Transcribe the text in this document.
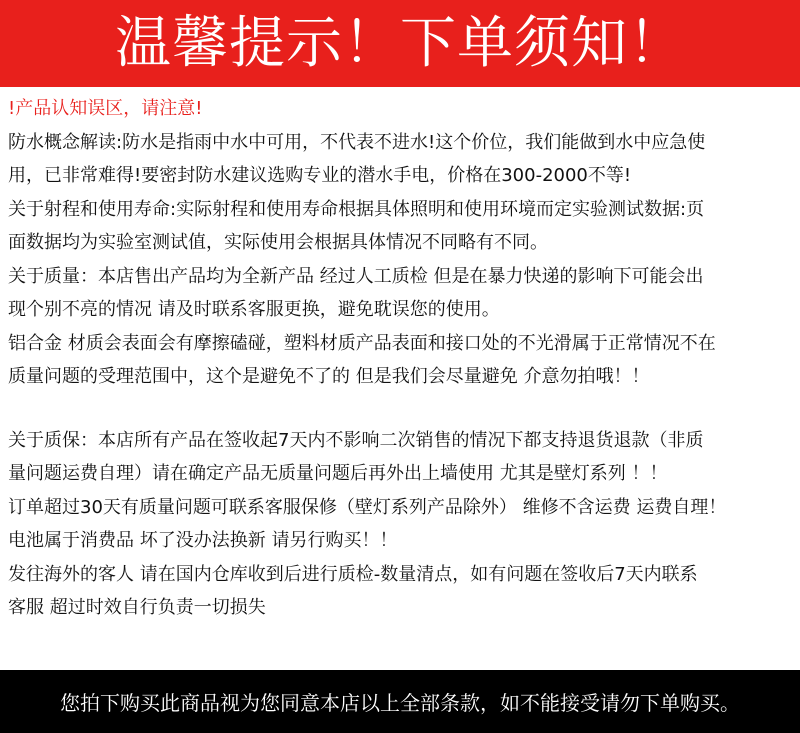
温馨提示！下单须知！
!产品认知误区，请注意!
防水概念解读:防水是指雨中水中可用，不代表不进水!这个价位，我们能做到水中应急使
用，已非常难得!要密封防水建议选购专业的潜水手电，价格在300-2000不等!
关于射程和使用寿命:实际射程和使用寿命根据具体照明和使用环境而定实验测试数据:页
面数据均为实验室测试值，实际使用会根据具体情况不同略有不同。
关于质量：本店售出产品均为全新产品 经过人工质检 但是在暴力快递的影响下可能会出
现个别不亮的情况 请及时联系客服更换，避免耽误您的使用。
铝合金 材质会表面会有摩擦磕碰，塑料材质产品表面和接口处的不光滑属于正常情况不在
质量问题的受理范围中，这个是避免不了的 但是我们会尽量避免 介意勿拍哦！！
关于质保：本店所有产品在签收起7天内不影响二次销售的情况下都支持退货退款（非质
量问题运费自理）请在确定产品无质量问题后再外出上墙使用 尤其是壁灯系列 ！！
订单超过30天有质量问题可联系客服保修（壁灯系列产品除外） 维修不含运费 运费自理！
电池属于消费品 坏了没办法换新 请另行购买！！
发往海外的客人 请在国内仓库收到后进行质检-数量清点，如有问题在签收后7天内联系
客服 超过时效自行负责一切损失
您拍下购买此商品视为您同意本店以上全部条款，如不能接受请勿下单购买。
